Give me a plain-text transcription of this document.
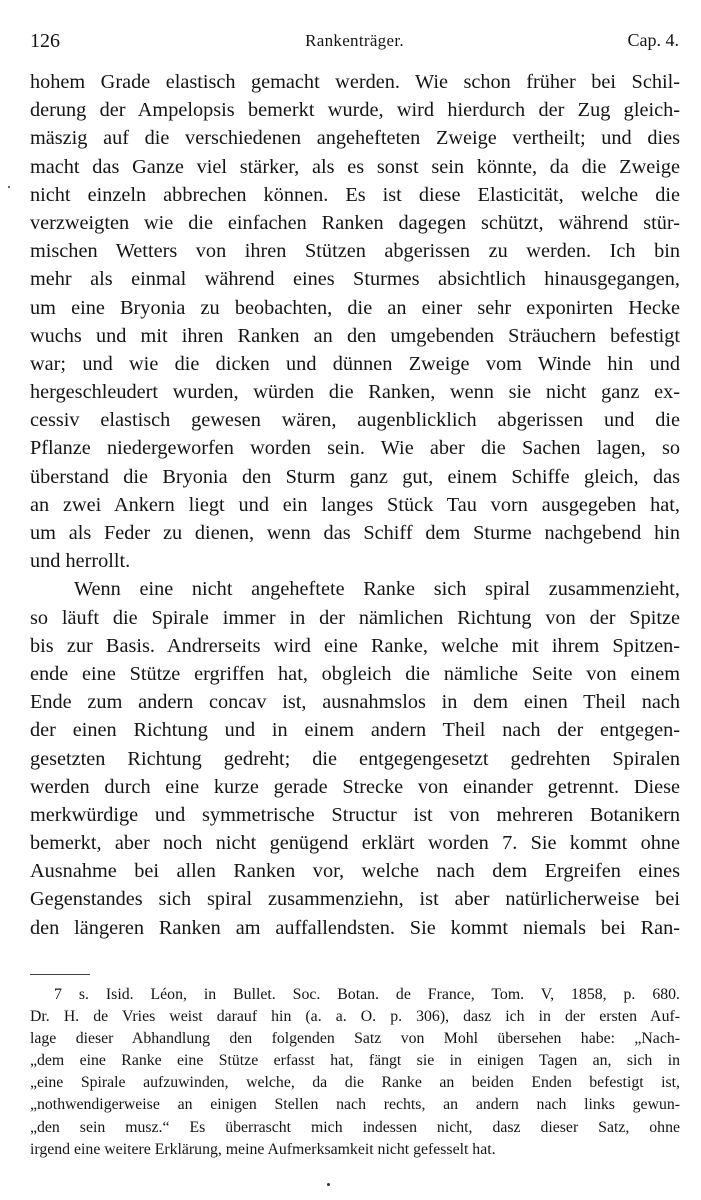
126	Rankenträger.	Cap. 4.
hohem Grade elastisch gemacht werden. Wie schon früher bei Schil-
derung der Ampelopsis bemerkt wurde, wird hierdurch der Zug gleich-
mäszig auf die verschiedenen angehefteten Zweige vertheilt; und dies
macht das Ganze viel stärker, als es sonst sein könnte, da die Zweige
nicht einzeln abbrechen können. Es ist diese Elasticität, welche die
verzweigten wie die einfachen Ranken dagegen schützt, während stür-
mischen Wetters von ihren Stützen abgerissen zu werden. Ich bin
mehr als einmal während eines Sturmes absichtlich hinausgegangen,
um eine Bryonia zu beobachten, die an einer sehr exponirten Hecke
wuchs und mit ihren Ranken an den umgebenden Sträuchern befestigt
war; und wie die dicken und dünnen Zweige vom Winde hin und
hergeschleudert wurden, würden die Ranken, wenn sie nicht ganz ex-
cessiv elastisch gewesen wären, augenblicklich abgerissen und die
Pflanze niedergeworfen worden sein. Wie aber die Sachen lagen, so
überstand die Bryonia den Sturm ganz gut, einem Schiffe gleich, das
an zwei Ankern liegt und ein langes Stück Tau vorn ausgegeben hat,
um als Feder zu dienen, wenn das Schiff dem Sturme nachgebend hin
und herrollt.
Wenn eine nicht angeheftete Ranke sich spiral zusammenzieht,
so läuft die Spirale immer in der nämlichen Richtung von der Spitze
bis zur Basis. Andrerseits wird eine Ranke, welche mit ihrem Spitzen-
ende eine Stütze ergriffen hat, obgleich die nämliche Seite von einem
Ende zum andern concav ist, ausnahmslos in dem einen Theil nach
der einen Richtung und in einem andern Theil nach der entgegen-
gesetzten Richtung gedreht; die entgegengesetzt gedrehten Spiralen
werden durch eine kurze gerade Strecke von einander getrennt. Diese
merkwürdige und symmetrische Structur ist von mehreren Botanikern
bemerkt, aber noch nicht genügend erklärt worden 7. Sie kommt ohne
Ausnahme bei allen Ranken vor, welche nach dem Ergreifen eines
Gegenstandes sich spiral zusammenziehn, ist aber natürlicherweise bei
den längeren Ranken am auffallendsten. Sie kommt niemals bei Ran-
7 s. Isid. Léon, in Bullet. Soc. Botan. de France, Tom. V, 1858, p. 680.
Dr. H. de Vries weist darauf hin (a. a. O. p. 306), dasz ich in der ersten Auf-
lage dieser Abhandlung den folgenden Satz von Mohl übersehen habe: „Nach-
„dem eine Ranke eine Stütze erfasst hat, fängt sie in einigen Tagen an, sich in
„eine Spirale aufzuwinden, welche, da die Ranke an beiden Enden befestigt ist,
„nothwendigerweise an einigen Stellen nach rechts, an andern nach links gewun-
„den sein musz.“ Es überrascht mich indessen nicht, dasz dieser Satz, ohne
irgend eine weitere Erklärung, meine Aufmerksamkeit nicht gefesselt hat.
